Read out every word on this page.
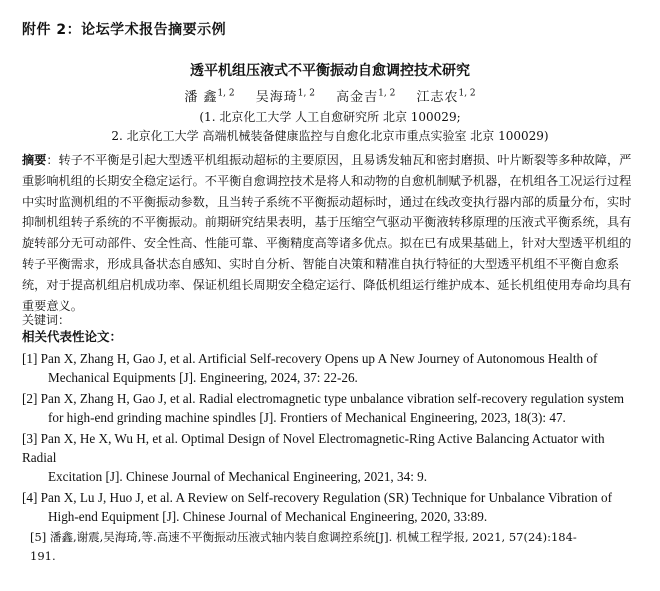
附件 2：论坛学术报告摘要示例
透平机组压液式不平衡振动自愈调控技术研究
潘 鑫$^{1, 2}$ 吴海琦$^{1, 2}$ 高金吉$^{1, 2}$ 江志农$^{1, 2}$
(1. 北京化工大学 人工自愈研究所 北京 100029;
2. 北京化工大学 高端机械装备健康监控与自愈化北京市重点实验室 北京 100029)

摘要：转子不平衡是引起大型透平机组振动超标的主要原因，且易诱发轴瓦和密封磨损、叶片断裂等多种故障，严重影响机组的长期安全稳定运行。不平衡自愈调控技术是将人和动物的自愈机制赋予机器，在机组各工况运行过程中实时监测机组的不平衡振动参数，且当转子系统不平衡振动超标时，通过在线改变执行器内部的质量分布，实时抑制机组转子系统的不平衡振动。前期研究结果表明，基于压缩空气驱动平衡液转移原理的压液式平衡系统，具有旋转部分无可动部件、安全性高、性能可靠、平衡精度高等诸多优点。拟在已有成果基础上，针对大型透平机组的转子平衡需求，形成具备状态自感知、实时自分析、智能自决策和精准自执行特征的大型透平机组不平衡自愈系统，对于提高机组启机成功率、保证机组长周期安全稳定运行、降低机组运行维护成本、延长机组使用寿命均具有重要意义。

关键词：
相关代表性论文：
[1] Pan X, Zhang H, Gao J, et al. Artificial Self-recovery Opens up A New Journey of Autonomous Health of
Mechanical Equipments [J]. Engineering, 2024, 37: 22-26.
[2] Pan X, Zhang H, Gao J, et al. Radial electromagnetic type unbalance vibration self-recovery regulation system
for high-end grinding machine spindles [J]. Frontiers of Mechanical Engineering, 2023, 18(3): 47.
[3] Pan X, He X, Wu H, et al. Optimal Design of Novel Electromagnetic-Ring Active Balancing Actuator with Radial
Excitation [J]. Chinese Journal of Mechanical Engineering, 2021, 34: 9.
[4] Pan X, Lu J, Huo J, et al. A Review on Self-recovery Regulation (SR) Technique for Unbalance Vibration of
High-end Equipment [J]. Chinese Journal of Mechanical Engineering, 2020, 33:89.
[5] 潘鑫,谢震,吴海琦,等.高速不平衡振动压液式轴内装自愈调控系统[J]. 机械工程学报, 2021, 57(24):184-
191.
